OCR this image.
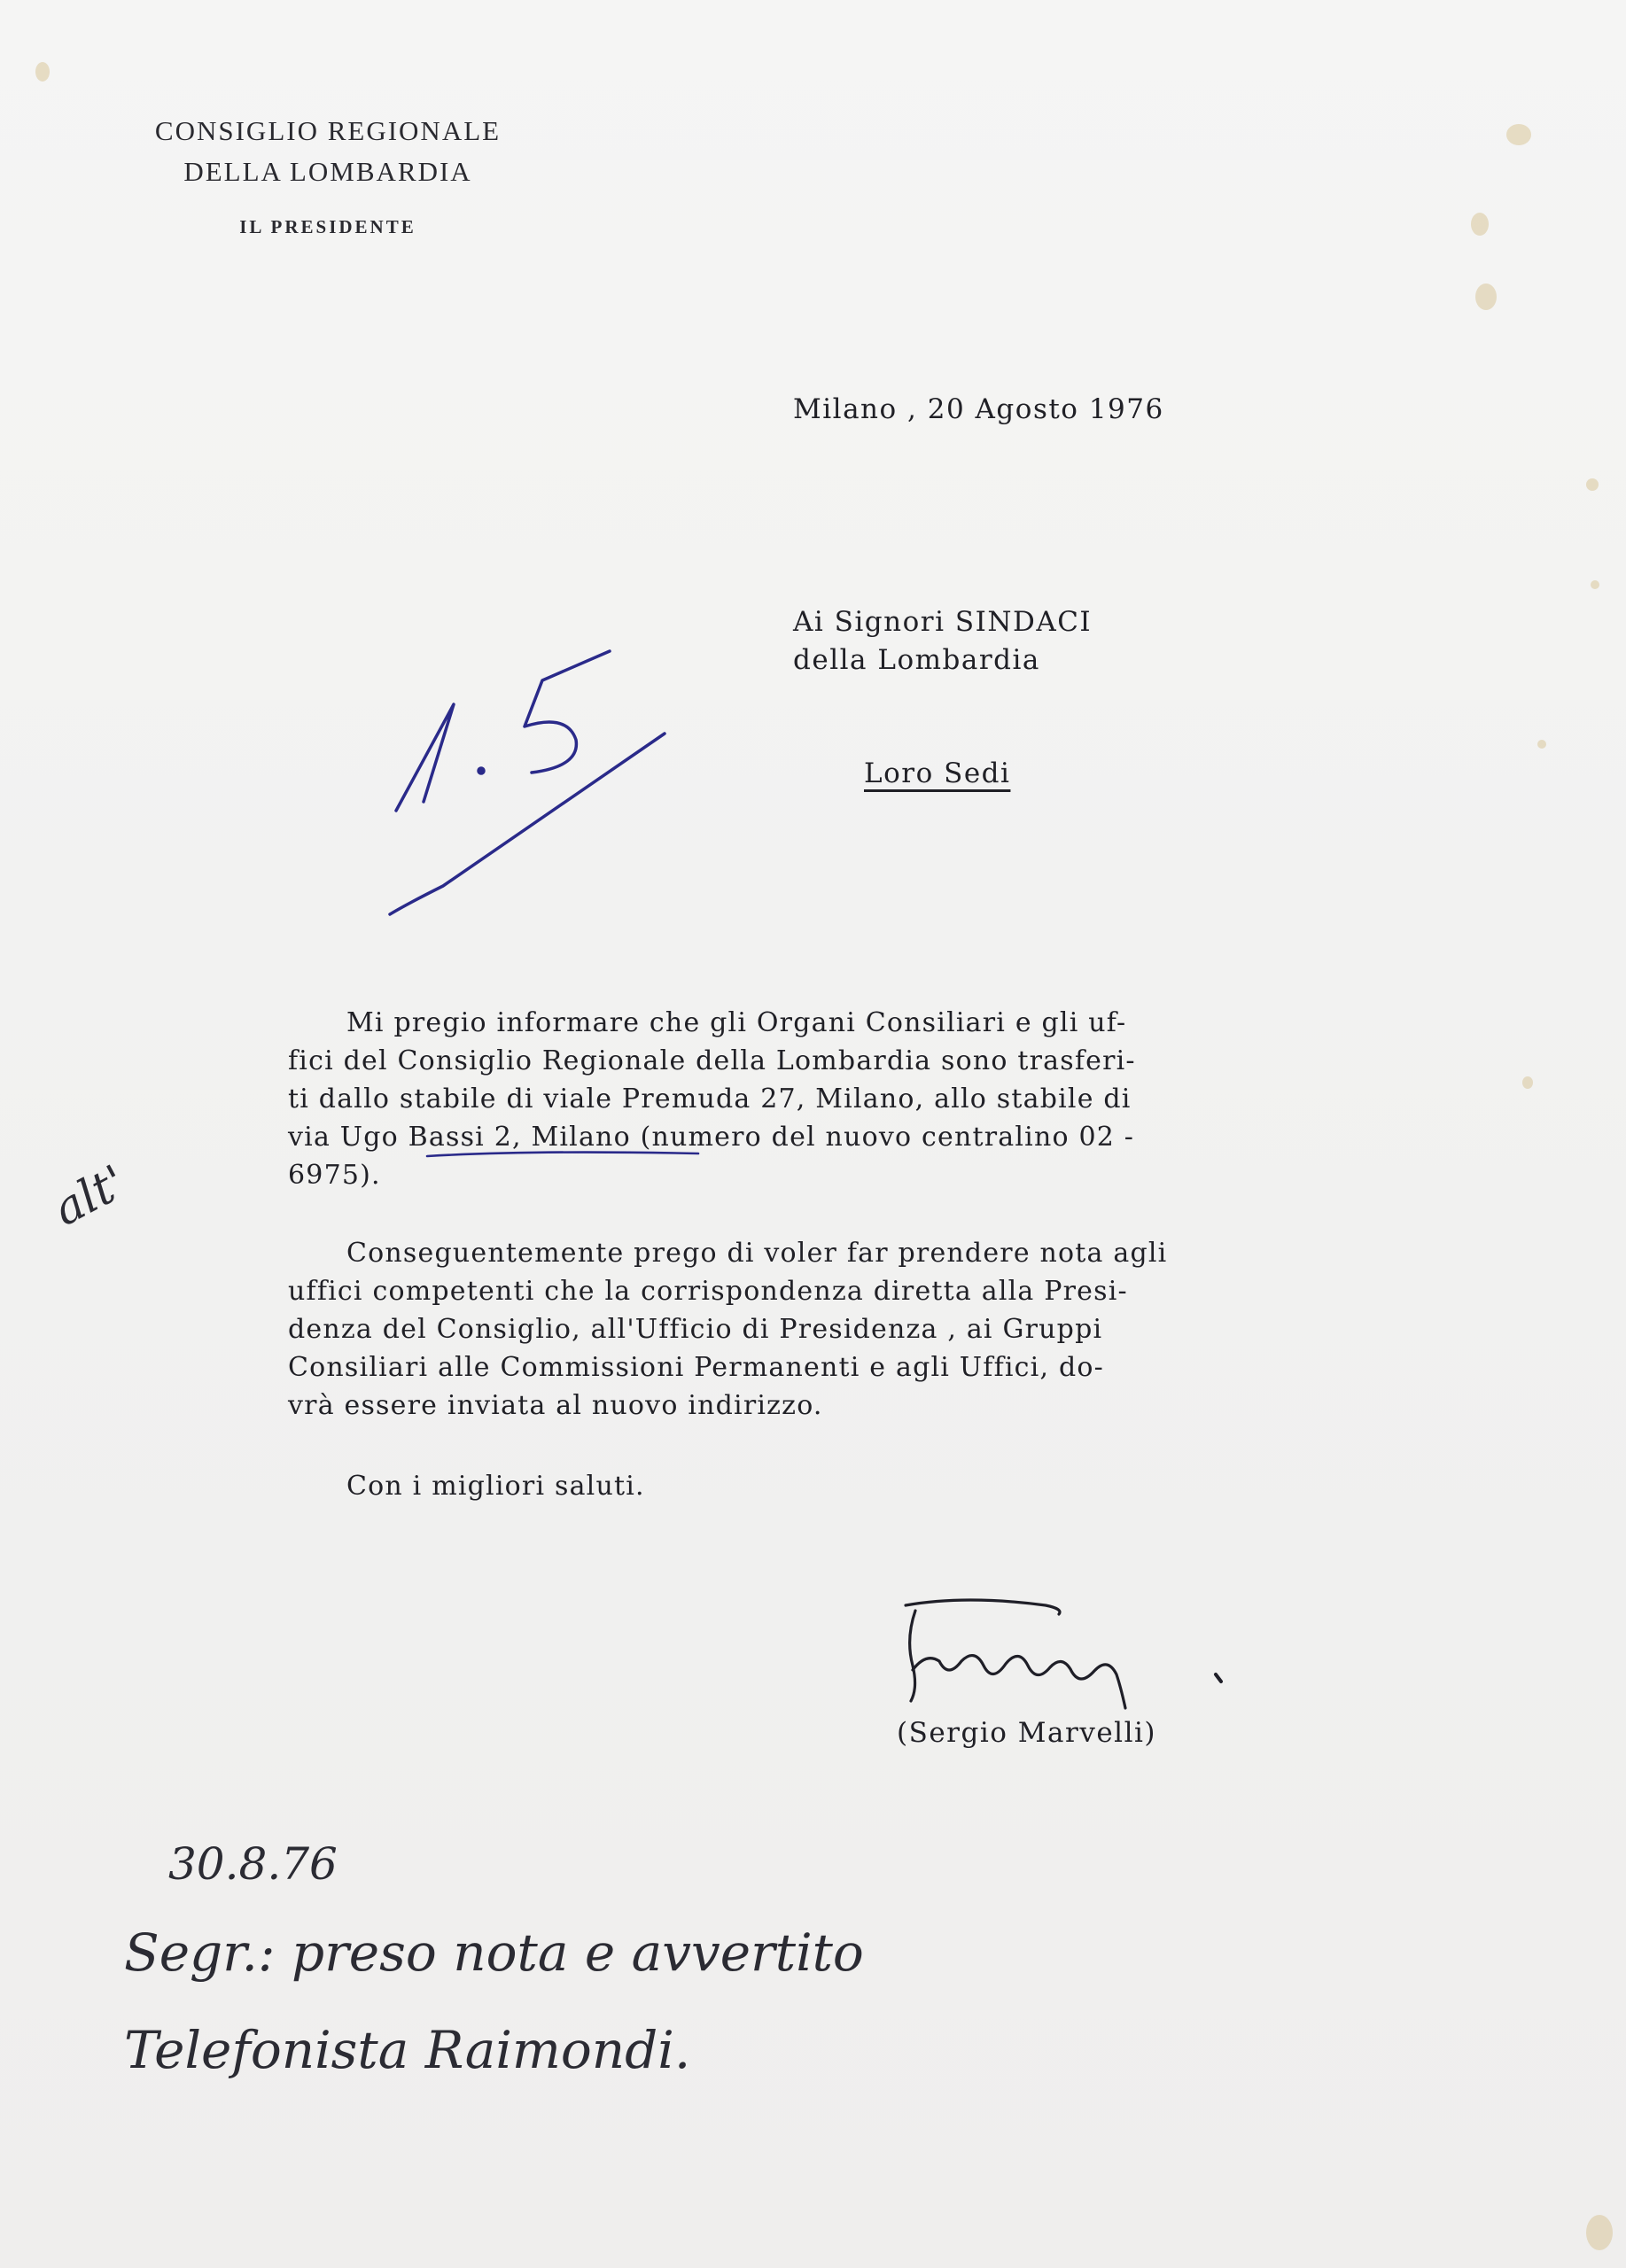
CONSIGLIO REGIONALE
DELLA LOMBARDIA
IL PRESIDENTE
Milano , 20 Agosto 1976
Ai Signori SINDACI
della Lombardia
Loro Sedi
Mi pregio informare che gli Organi Consiliari e gli uf-
fici del Consiglio Regionale della Lombardia sono trasferi-
ti dallo stabile di viale Premuda 27, Milano, allo stabile di
via Ugo Bassi 2, Milano (numero del nuovo centralino 02 -
6975).
Conseguentemente prego di voler far prendere nota agli
uffici competenti che la corrispondenza diretta alla Presi-
denza del Consiglio, all'Ufficio di Presidenza , ai Gruppi
Consiliari alle Commissioni Permanenti e agli Uffici, do-
vrà essere inviata al nuovo indirizzo.
Con i migliori saluti.
(Sergio Marvelli)
alt'
30.8.76
Segr.: preso nota e avvertito
Telefonista Raimondi.
